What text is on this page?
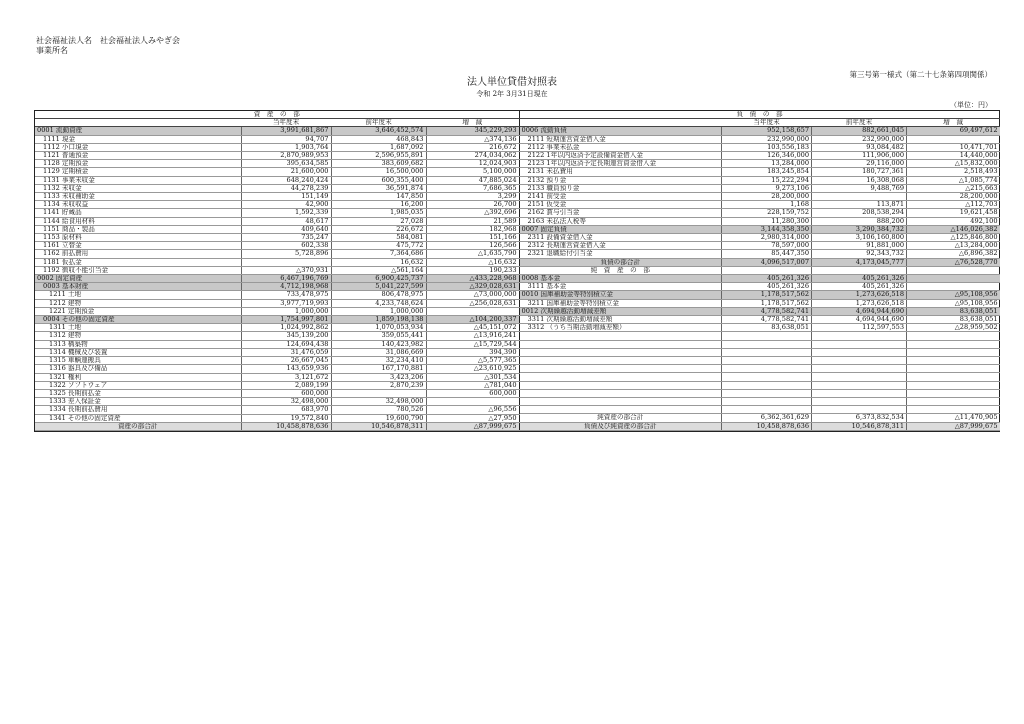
社会福祉法人名　社会福祉法人みやぎ会
事業所名
第三号第一様式（第二十七条第四項関係）
法人単位貸借対照表
令和 2年 3月31日現在
（単位：円）
資　産　の　部			
	当年度末	前年度末	増　減
0001 流動資産	3,991,681,867	3,646,452,574	345,229,293
1111 現金	94,707	468,843	△374,136
1112 小口現金	1,903,764	1,687,092	216,672
1121 普通預金	2,870,989,953	2,596,955,891	274,034,062
1128 定期預金	395,634,585	383,609,682	12,024,903
1129 定期積金	21,600,000	16,500,000	5,100,000
1131 事業未収金	648,240,424	600,355,400	47,885,024
1132 未収金	44,278,239	36,591,874	7,686,365
1133 未収補助金	151,149	147,850	3,299
1134 未収収益	42,900	16,200	26,700
1141 貯蔵品	1,592,339	1,985,035	△392,696
1144 給食用材料	48,617	27,028	21,589
1151 商品・製品	409,640	226,672	182,968
1153 原材料	735,247	584,081	151,166
1161 立替金	602,338	475,772	126,566
1162 前払費用	5,728,896	7,364,686	△1,635,790
1181 仮払金		16,632	△16,632
1192 徴収不能引当金	△370,931	△561,164	190,233
0002 固定資産	6,467,196,769	6,900,425,737	△433,228,968
0003 基本財産	4,712,198,968	5,041,227,599	△329,028,631
1211 土地	733,478,975	806,478,975	△73,000,000
1212 建物	3,977,719,993	4,233,748,624	△256,028,631
1221 定期預金	1,000,000	1,000,000	
0004 その他の固定資産	1,754,997,801	1,859,198,138	△104,200,337
1311 土地	1,024,992,862	1,070,053,934	△45,151,072
1312 建物	345,139,200	359,055,441	△13,916,241
1313 構築物	124,694,438	140,423,982	△15,729,544
1314 機械及び装置	31,476,059	31,086,669	394,390
1315 車輌運搬具	26,667,045	32,234,410	△5,577,365
1316 器具及び備品	143,659,936	167,170,881	△23,610,925
1321 権利	3,121,672	3,423,206	△301,534
1322 ソフトウェア	2,089,199	2,870,239	△781,040
1325 長期前払金	600,000		600,000
1333 差入保証金	32,498,000	32,498,000	
1334 長期前払費用	683,970	780,526	△96,556
1341 その他の固定資産	19,572,840	19,600,790	△27,950
資産の部合計	10,458,878,636	10,546,878,311	△87,999,675
負　債　の　部			
	当年度末	前年度末	増　減
0006 流動負債	952,158,657	882,661,045	69,497,612
2111 短期運営資金借入金	232,990,000	232,990,000	
2112 事業未払金	103,556,183	93,084,482	10,471,701
2122 1年以内返済予定設備資金借入金	126,346,000	111,906,000	14,440,000
2123 1年以内返済予定長期運営資金借入金	13,284,000	29,116,000	△15,832,000
2131 未払費用	183,245,854	180,727,361	2,518,493
2132 預り金	15,222,294	16,308,068	△1,085,774
2133 職員預り金	9,273,106	9,488,769	△215,663
2141 前受金	28,200,000		28,200,000
2151 仮受金	1,168	113,871	△112,703
2162 賞与引当金	228,159,752	208,538,294	19,621,458
2163 未払法人税等	11,280,300	888,200	492,100
0007 固定負債	3,144,358,350	3,290,384,732	△146,026,382
2311 設備資金借入金	2,980,314,000	3,106,160,800	△125,846,800
2312 長期運営資金借入金	78,597,000	91,881,000	△13,284,000
2321 退職給付引当金	85,447,350	92,343,732	△6,896,382
負債の部合計	4,096,517,007	4,173,045,777	△76,528,770
純　資　産　の　部			
0008 基本金	405,261,326	405,261,326	
3111 基本金	405,261,326	405,261,326	
0010 国庫補助金等特別積立金	1,178,517,562	1,273,626,518	△95,108,956
3211 国庫補助金等特別積立金	1,178,517,562	1,273,626,518	△95,108,956
0012 次期繰越活動増減差額	4,778,582,741	4,694,944,690	83,638,051
3311 次期繰越活動増減差額	4,778,582,741	4,694,944,690	83,638,051
3312 （うち当期活動増減差額）	83,638,051	112,597,553	△28,959,502

純資産の部合計	6,362,361,629	6,373,832,534	△11,470,905
負債及び純資産の部合計	10,458,878,636	10,546,878,311	△87,999,675
